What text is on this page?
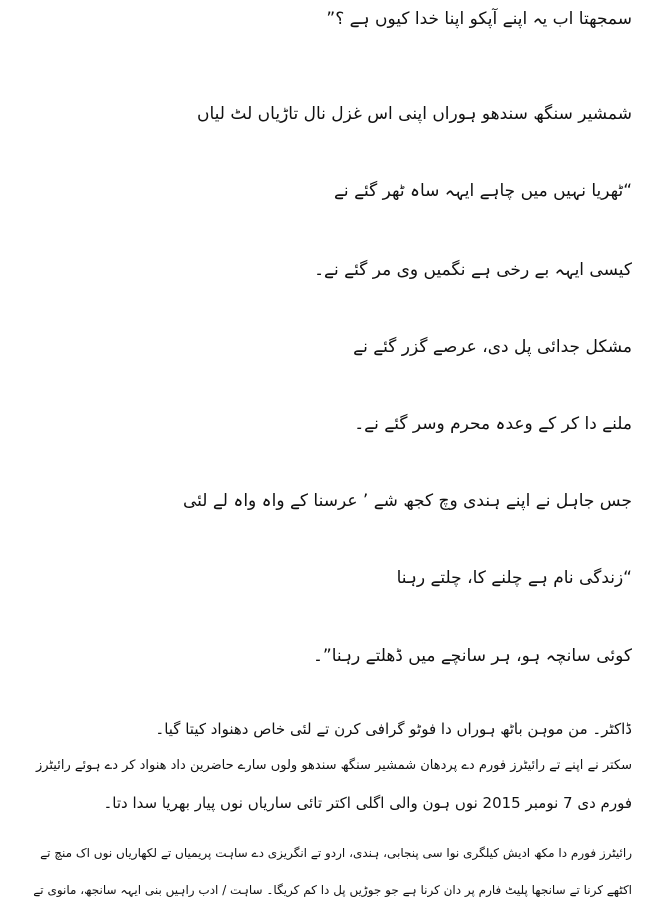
سمجھتا اب یہ اپنے آپکو اپنا خدا کیوں ہے ؟”
شمشیر سنگھ سندھو ہوراں اپنی اس غزل نال تاڑیاں لٹ لیاں
“ٹھریا نہیں میں چاہے ایہہ ساہ ٹھر گئے نے
کیسی ایہہ بے رخی ہے نگمیں وی مر گئے نے۔
مشکل جدائی پل دی، عرصے گزر گئے نے
ملنے دا کر کے وعدہ محرم وسر گئے نے۔
جس جاہل نے اپنے ہندی وچ کجھ شے ’ عرسنا کے واہ واہ لے لئی
“زندگی نام ہے چلنے کا، چلتے رہنا
کوئی سانچہ ہو، ہر سانچے میں ڈھلتے رہنا”۔
ڈاکٹر۔ من موہن باٹھ ہوراں دا فوٹو گرافی کرن تے لئی خاص دھنواد کیتا گیا۔
سکتر نے اپنے تے رائیٹرز فورم دے پردھان شمشیر سنگھ سندھو ولوں سارے حاضرین داد ھنواد کر دے ہوئے رائیٹرز
فورم دی 7 نومبر 2015 نوں ہون والی اگلی اکتر تائی ساریاں نوں پیار بھریا سدا دتا۔
رائیٹرز فورم دا مکھ ادیش کیلگری نوا سی پنجابی، ہندی، اردو تے انگریزی دے ساہت پریمیاں تے لکھاریاں نوں اک منچ تے
اکٹھے کرنا تے سانجھا پلیٹ فارم پر دان کرنا ہے جو جوڑیں پل دا کم کریگا۔ ساہت / ادب راہیں بنی ایہہ سانجھ، مانوی تے
